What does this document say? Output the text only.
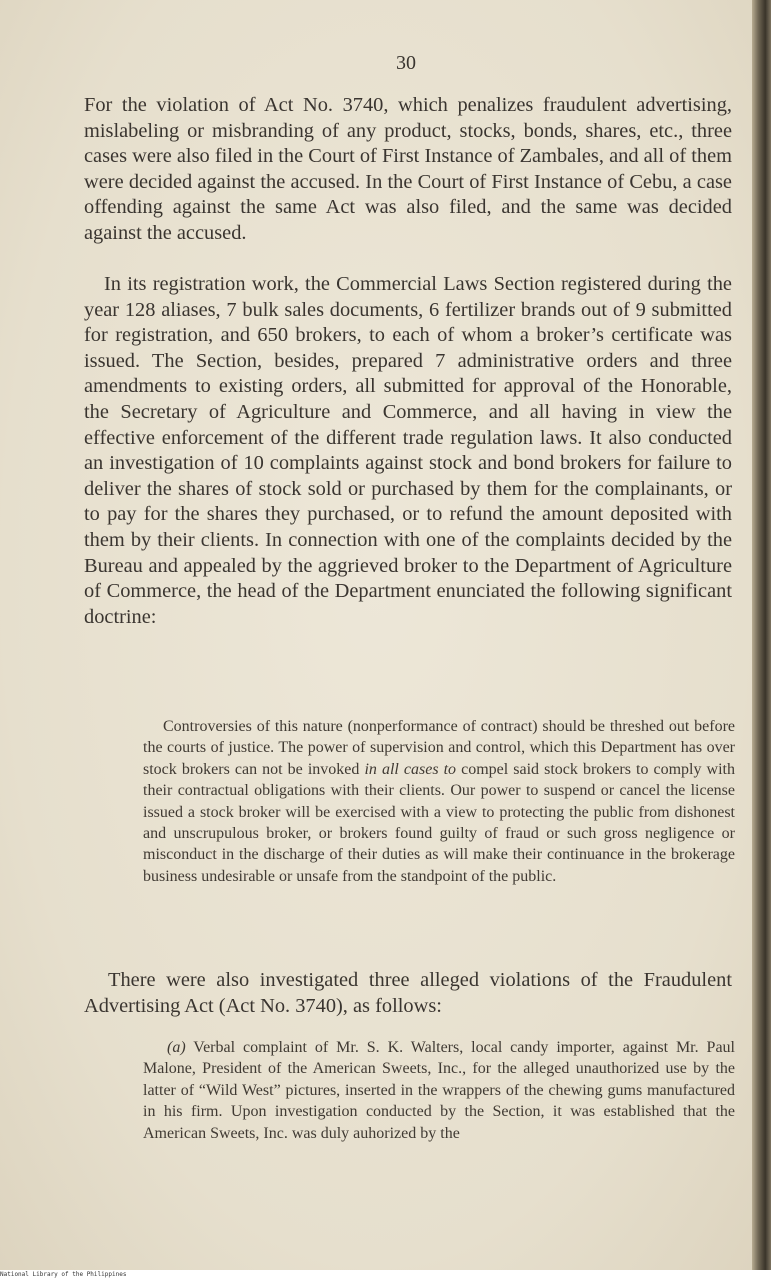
30

For the violation of Act No. 3740, which penalizes fraudulent advertising, mislabeling or misbranding of any product, stocks, bonds, shares, etc., three cases were also filed in the Court of First Instance of Zambales, and all of them were decided against the accused. In the Court of First Instance of Cebu, a case offending against the same Act was also filed, and the same was decided against the accused.

In its registration work, the Commercial Laws Section registered during the year 128 aliases, 7 bulk sales documents, 6 fertilizer brands out of 9 submitted for registration, and 650 brokers, to each of whom a broker’s certificate was issued. The Section, besides, prepared 7 administrative orders and three amendments to existing orders, all submitted for approval of the Honorable, the Secretary of Agriculture and Commerce, and all having in view the effective enforcement of the different trade regulation laws. It also conducted an investigation of 10 complaints against stock and bond brokers for failure to deliver the shares of stock sold or purchased by them for the complainants, or to pay for the shares they purchased, or to refund the amount deposited with them by their clients. In connection with one of the complaints decided by the Bureau and appealed by the aggrieved broker to the Department of Agriculture of Commerce, the head of the Department enunciated the following significant doctrine:

Controversies of this nature (nonperformance of contract) should be threshed out before the courts of justice. The power of supervision and control, which this Department has over stock brokers can not be invoked in all cases to compel said stock brokers to comply with their contractual obligations with their clients. Our power to suspend or cancel the license issued a stock broker will be exercised with a view to protecting the public from dishonest and unscrupulous broker, or brokers found guilty of fraud or such gross negligence or misconduct in the discharge of their duties as will make their continuance in the brokerage business undesirable or unsafe from the standpoint of the public.

There were also investigated three alleged violations of the Fraudulent Advertising Act (Act No. 3740), as follows:

(a) Verbal complaint of Mr. S. K. Walters, local candy importer, against Mr. Paul Malone, President of the American Sweets, Inc., for the alleged unauthorized use by the latter of “Wild West” pictures, inserted in the wrappers of the chewing gums manufactured in his firm. Upon investigation conducted by the Section, it was established that the American Sweets, Inc. was duly auhorized by the

National Library of the Philippines
